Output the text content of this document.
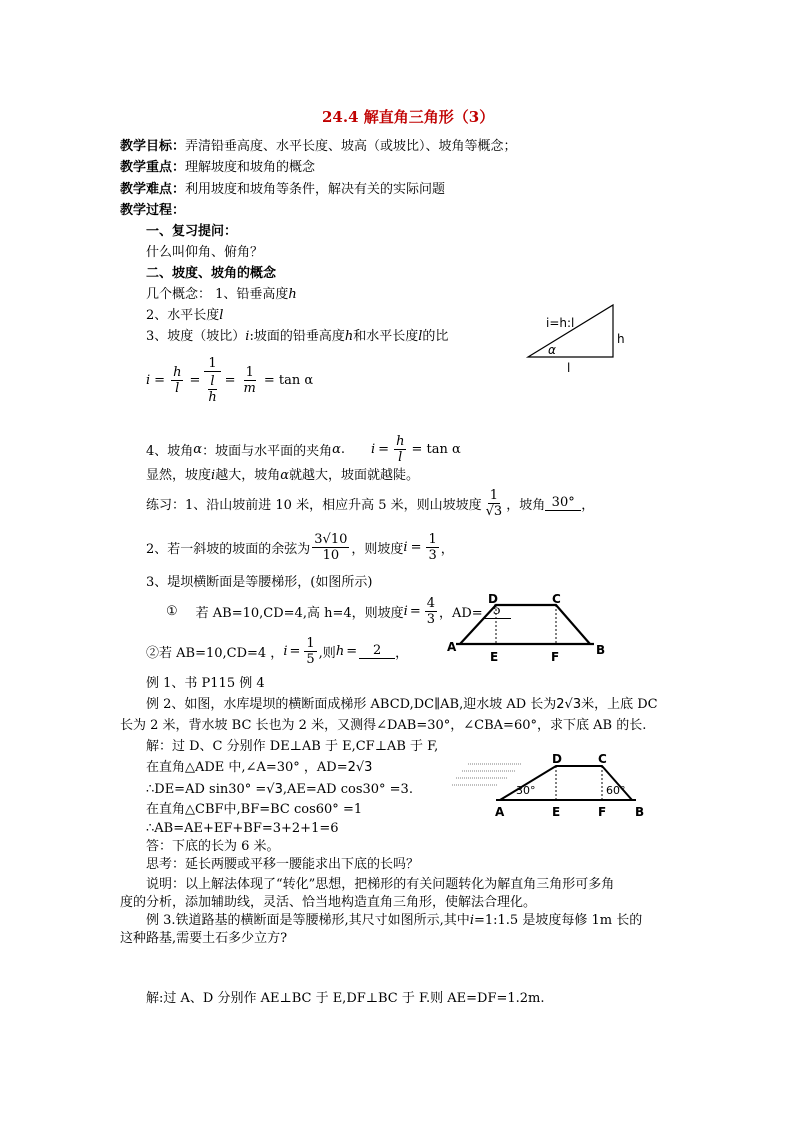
24.4 解直角三角形（3）
教学目标：弄清铅垂高度、水平长度、坡高（或坡比）、坡角等概念；
教学重点：理解坡度和坡角的概念
教学难点：利用坡度和坡角等条件，解决有关的实际问题
教学过程：
一、复习提问：
什么叫仰角、俯角？
二、坡度、坡角的概念
几个概念： 1、铅垂高度h
2、水平长度l
3、坡度（坡比）i:坡面的铅垂高度h和水平长度l的比
i=h:l
h
l
α
$i = \frac{h}{l} = \frac{1}{\frac{l}{h}} = \frac{1}{m} = \tan \alpha$
4、坡角 α ：坡面与水平面的夹角 α . $i = \frac{h}{l} = \tan \alpha$
显然，坡度i越大，坡角α就越大，坡面就越陡。
练习：1、沿山坡前进 10 米，相应升高 5 米，则山坡坡度 $\frac{1}{√3}$ ，坡角 30° ，
2、若一斜坡的坡面的余弦为 $\frac{3√10}{10}$ ，则坡度 $i = \frac{1}{3}$ ，
3、堤坝横断面是等腰梯形，(如图所示)
① 若 AB=10,CD=4,高 h=4，则坡度 $i = \frac{4}{3}$ ，AD= 5
②若 AB=10,CD=4 ， $i = \frac{1}{5}$ ,则 h =	2	，	A
D	C
B
E	F
例 1、书 P115 例 4
例 2、如图，水库堤坝的横断面成梯形 ABCD,DC∥AB,迎水坡 AD 长为2√3米，上底 DC
长为 2 米，背水坡 BC 长也为 2 米，又测得∠DAB=30°，∠CBA=60°，求下底 AB 的长.
解：过 D、C 分别作 DE⊥AB 于 E,CF⊥AB 于 F,
在直角△ADE 中,∠A=30° ，AD=2√3
∴DE=AD sin30° =√3,AE=AD cos30° =3.
在直角△CBF中,BF=BC cos60° =1
∴AB=AE+EF+BF=3+2+1=6
答：下底的长为 6 米。
思考：延长两腰或平移一腰能求出下底的长吗？
说明：以上解法体现了“转化”思想，把梯形的有关问题转化为解直角三角形可多角
度的分析，添加辅助线，灵活、恰当地构造直角三角形，使解法合理化。
例 3.铁道路基的横断面是等腰梯形,其尺寸如图所示,其中i=1:1.5 是坡度每修 1m 长的
这种路基,需要土石多少立方?
解:过 A、D 分别作 AE⊥BC 于 E,DF⊥BC 于 F.则 AE=DF=1.2m.
30°	60°
A
D	C
B
E	F
